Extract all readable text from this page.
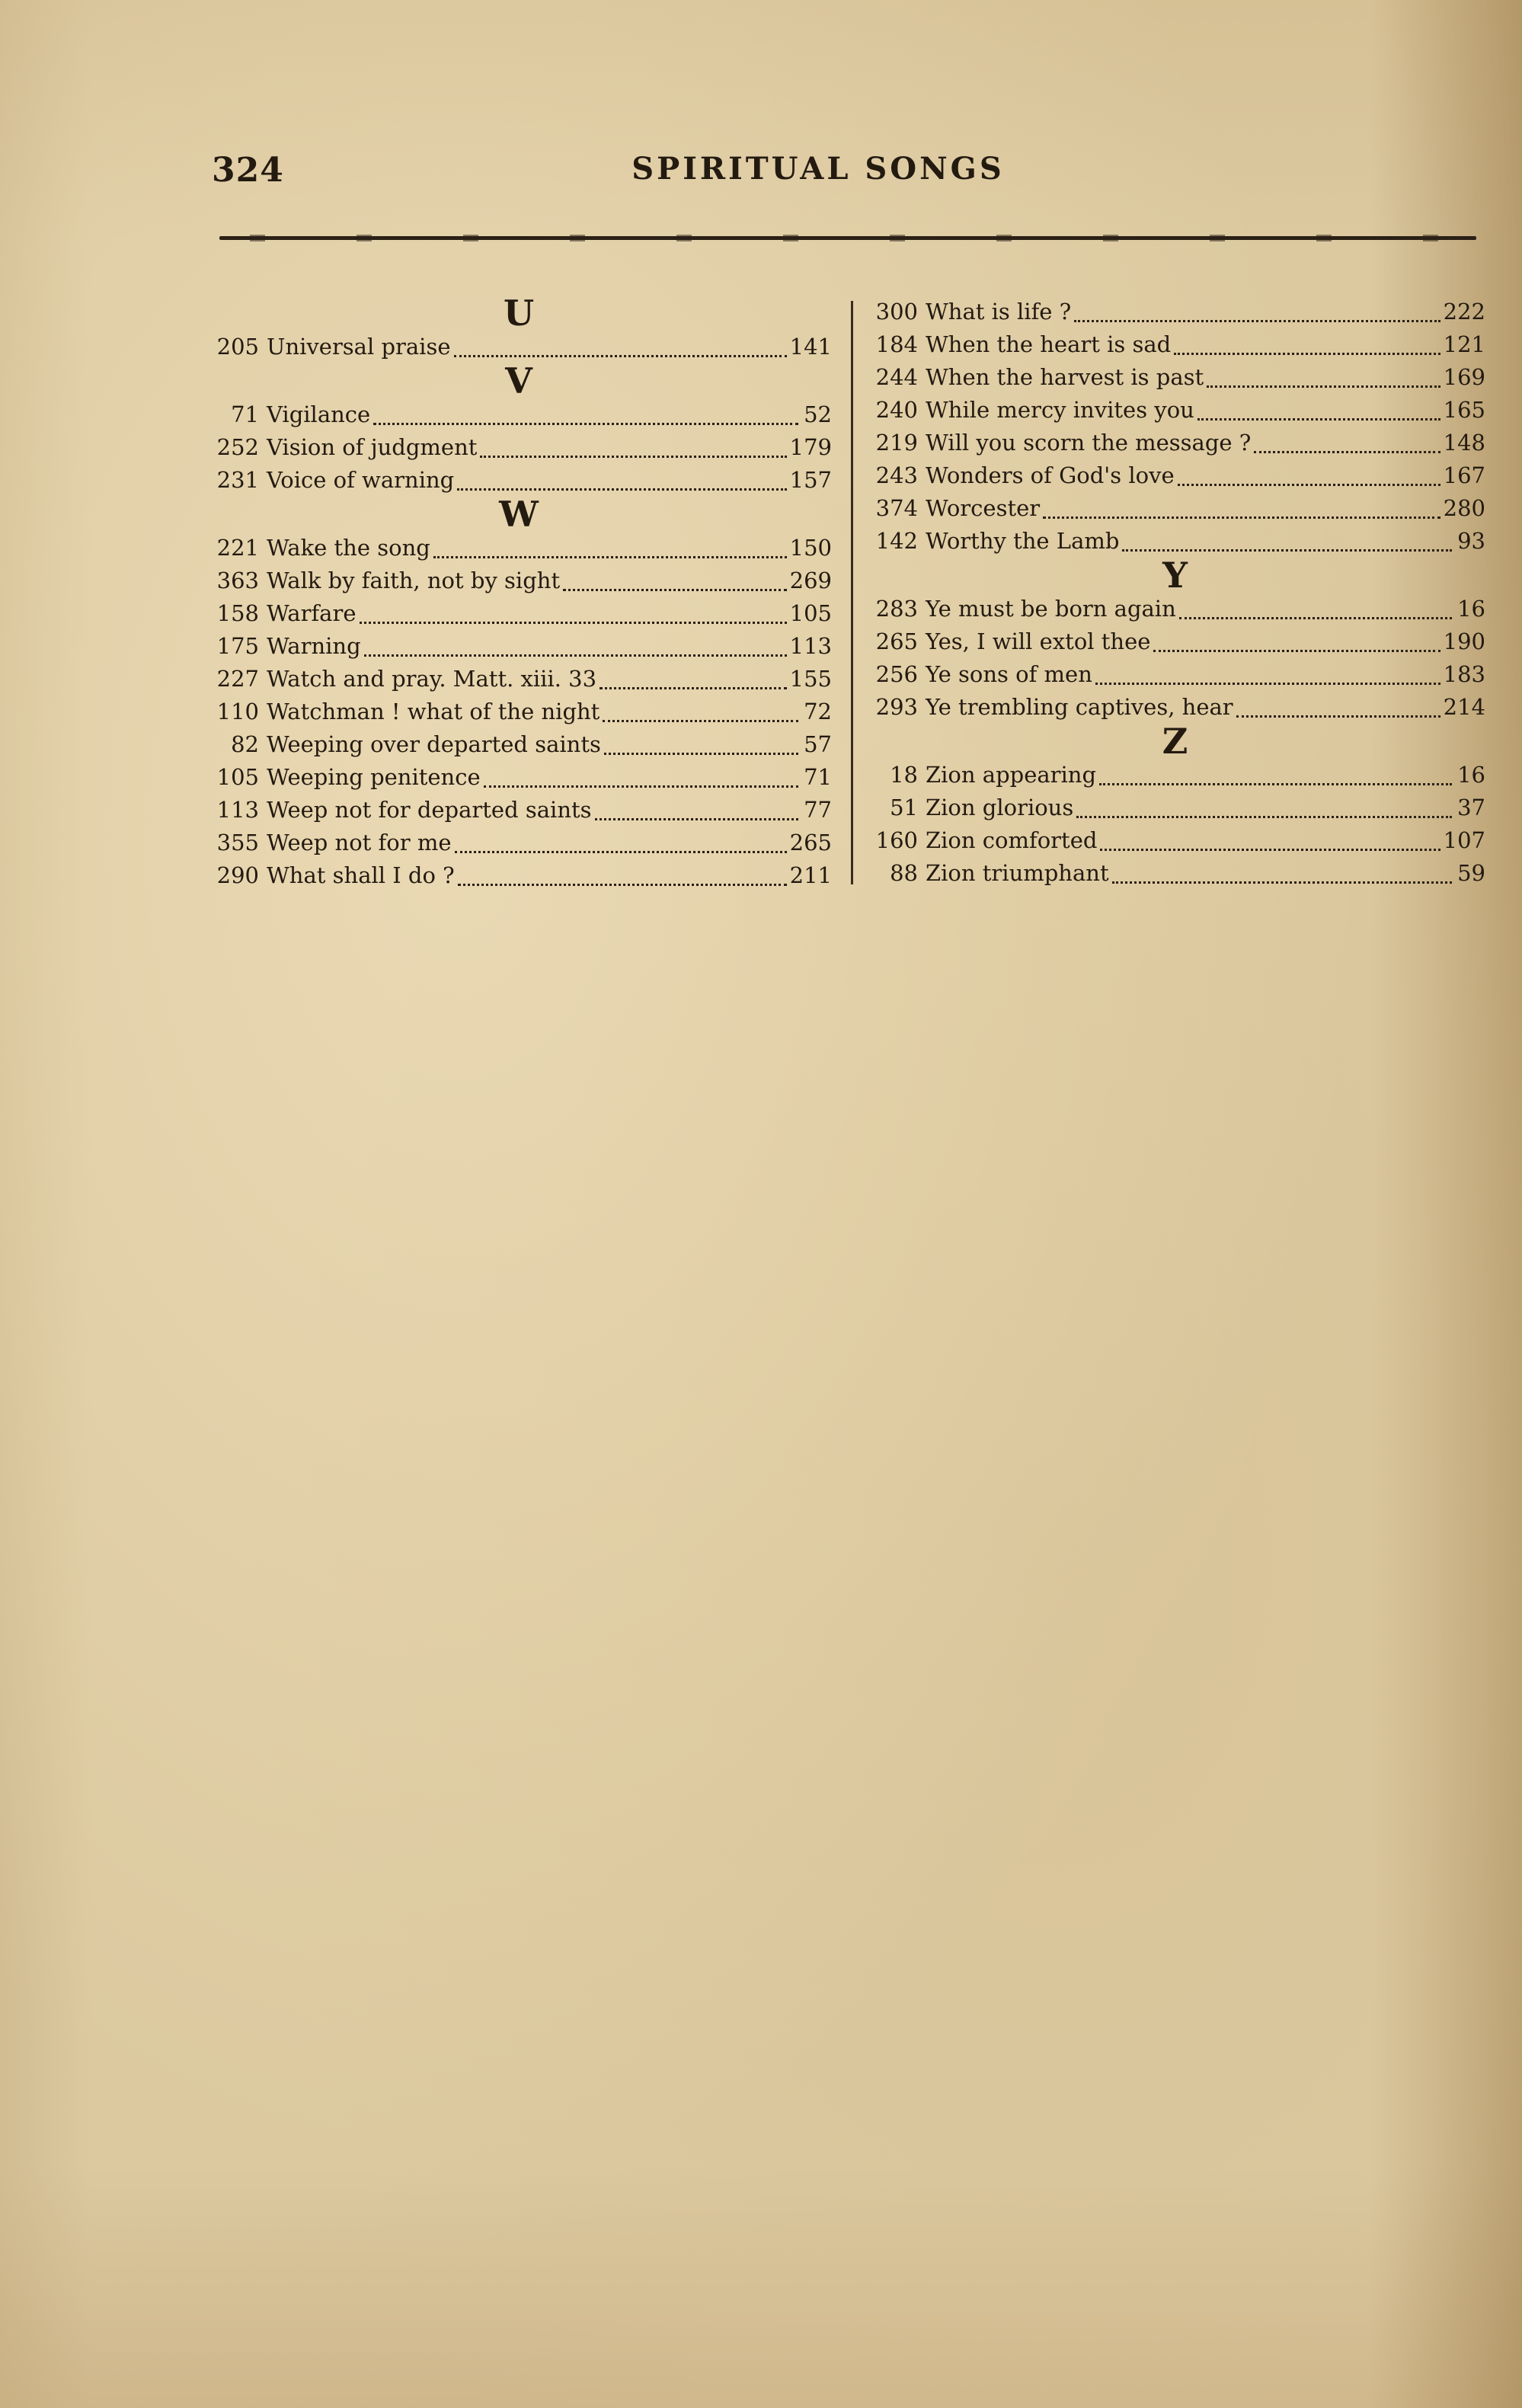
324	SPIRITUAL SONGS
U
205 Universal praise	141
V
71 Vigilance	52
252 Vision of judgment	179
231 Voice of warning	157
W
221 Wake the song	150
363 Walk by faith, not by sight	269
158 Warfare	105
175 Warning	113
227 Watch and pray. Matt. xiii. 33	155
110 Watchman ! what of the night	72
82 Weeping over departed saints	57
105 Weeping penitence	71
113 Weep not for departed saints	77
355 Weep not for me	265
290 What shall I do ?	211
300 What is life ?	222
184 When the heart is sad	121
244 When the harvest is past	169
240 While mercy invites you	165
219 Will you scorn the message ?	148
243 Wonders of God's love	167
374 Worcester	280
142 Worthy the Lamb	93
Y
283 Ye must be born again	16
265 Yes, I will extol thee	190
256 Ye sons of men	183
293 Ye trembling captives, hear	214
Z
18 Zion appearing	16
51 Zion glorious	37
160 Zion comforted	107
88 Zion triumphant	59
